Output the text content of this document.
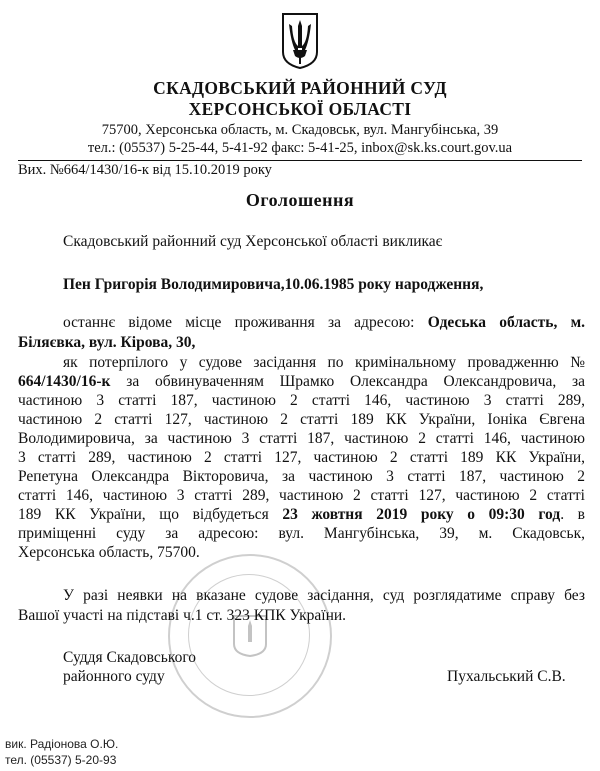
СКАДОВСЬКИЙ РАЙОННИЙ СУД
ХЕРСОНСЬКОЇ ОБЛАСТІ
75700, Херсонська область, м. Скадовськ, вул. Мангубінська, 39
тел.: (05537) 5-25-44, 5-41-92 факс: 5-41-25, inbox@sk.ks.court.gov.ua
Вих. №664/1430/16-к від 15.10.2019 року
Оголошення
Скадовський районний суд Херсонської області викликає
Пен Григорія Володимировича,10.06.1985 року народження,
останнє відоме місце проживання за адресою: Одеська область, м.
Біляєвка, вул. Кірова, 30,
як потерпілого у судове засідання по кримінальному провадженню №
664/1430/16-к за обвинуваченням Шрамко Олександра Олександровича, за
частиною 3 статті 187, частиною 2 статті 146, частиною 3 статті 289,
частиною 2 статті 127, частиною 2 статті 189 КК України, Іоніка Євгена
Володимировича, за частиною 3 статті 187, частиною 2 статті 146, частиною
3 статті 289, частиною 2 статті 127, частиною 2 статті 189 КК України,
Репетуна Олександра Вікторовича, за частиною 3 статті 187, частиною 2
статті 146, частиною 3 статті 289, частиною 2 статті 127, частиною 2 статті
189 КК України, що відбудеться 23 жовтня 2019 року о 09:30 год. в
приміщенні суду за адресою: вул. Мангубінська, 39, м. Скадовськ,
Херсонська область, 75700.
У разі неявки на вказане судове засідання, суд розглядатиме справу без
Вашої участі на підставі ч.1 ст. 323 КПК України.
Суддя Скадовського
районного суду	Пухальський С.В.
вик. Радіонова О.Ю.
тел. (05537) 5-20-93
